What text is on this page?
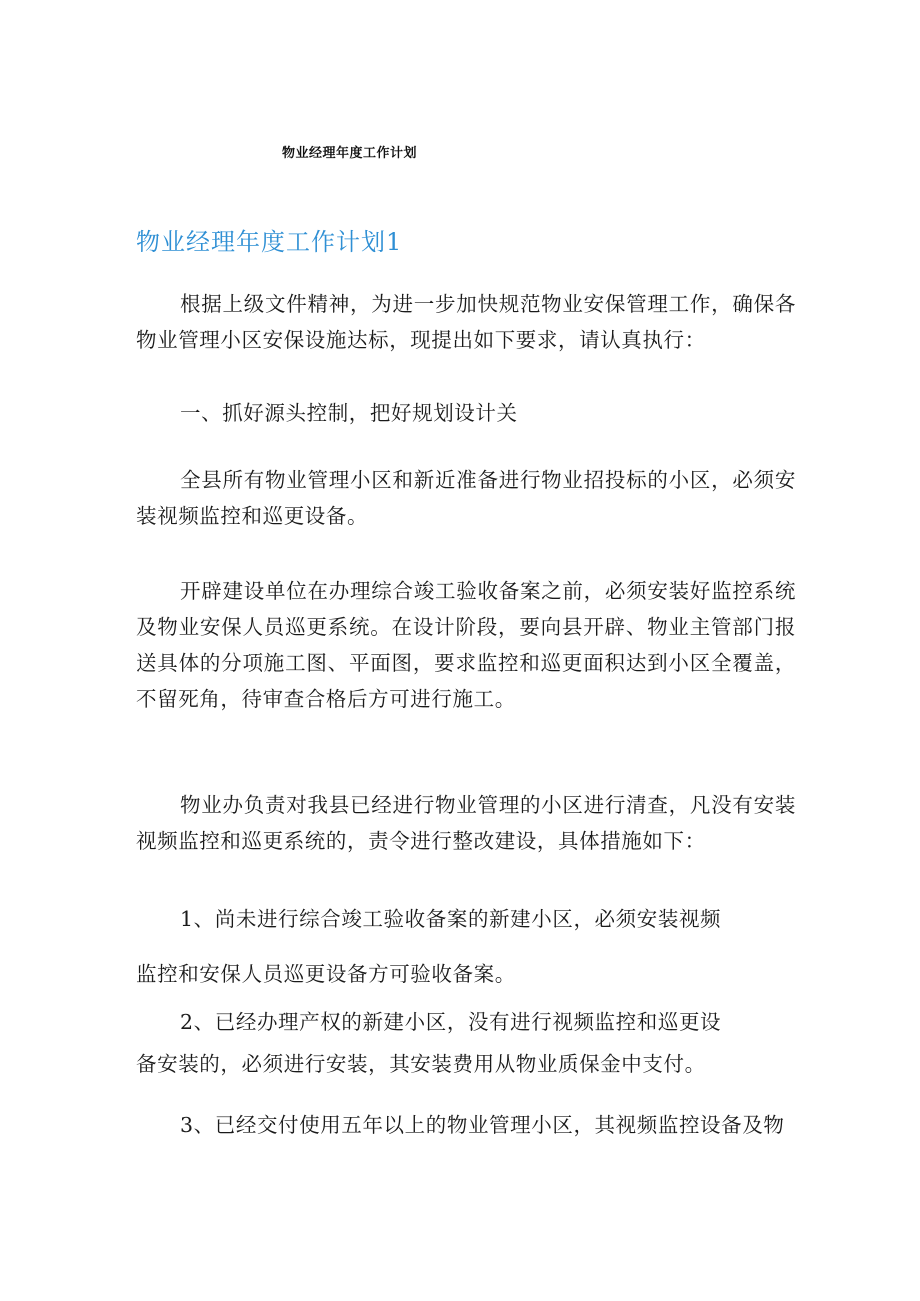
物业经理年度工作计划
物业经理年度工作计划1

根据上级文件精神，为进一步加快规范物业安保管理工作，确保各物业管理小区安保设施达标，现提出如下要求，请认真执行：

一、抓好源头控制，把好规划设计关

全县所有物业管理小区和新近准备进行物业招投标的小区，必须安装视频监控和巡更设备。

开辟建设单位在办理综合竣工验收备案之前，必须安装好监控系统及物业安保人员巡更系统。在设计阶段，要向县开辟、物业主管部门报送具体的分项施工图、平面图，要求监控和巡更面积达到小区全覆盖，不留死角，待审查合格后方可进行施工。

物业办负责对我县已经进行物业管理的小区进行清查，凡没有安装视频监控和巡更系统的，责令进行整改建设，具体措施如下：

1、尚未进行综合竣工验收备案的新建小区，必须安装视频

监控和安保人员巡更设备方可验收备案。

2、已经办理产权的新建小区，没有进行视频监控和巡更设

备安装的，必须进行安装，其安装费用从物业质保金中支付。

3、已经交付使用五年以上的物业管理小区，其视频监控设备及物
